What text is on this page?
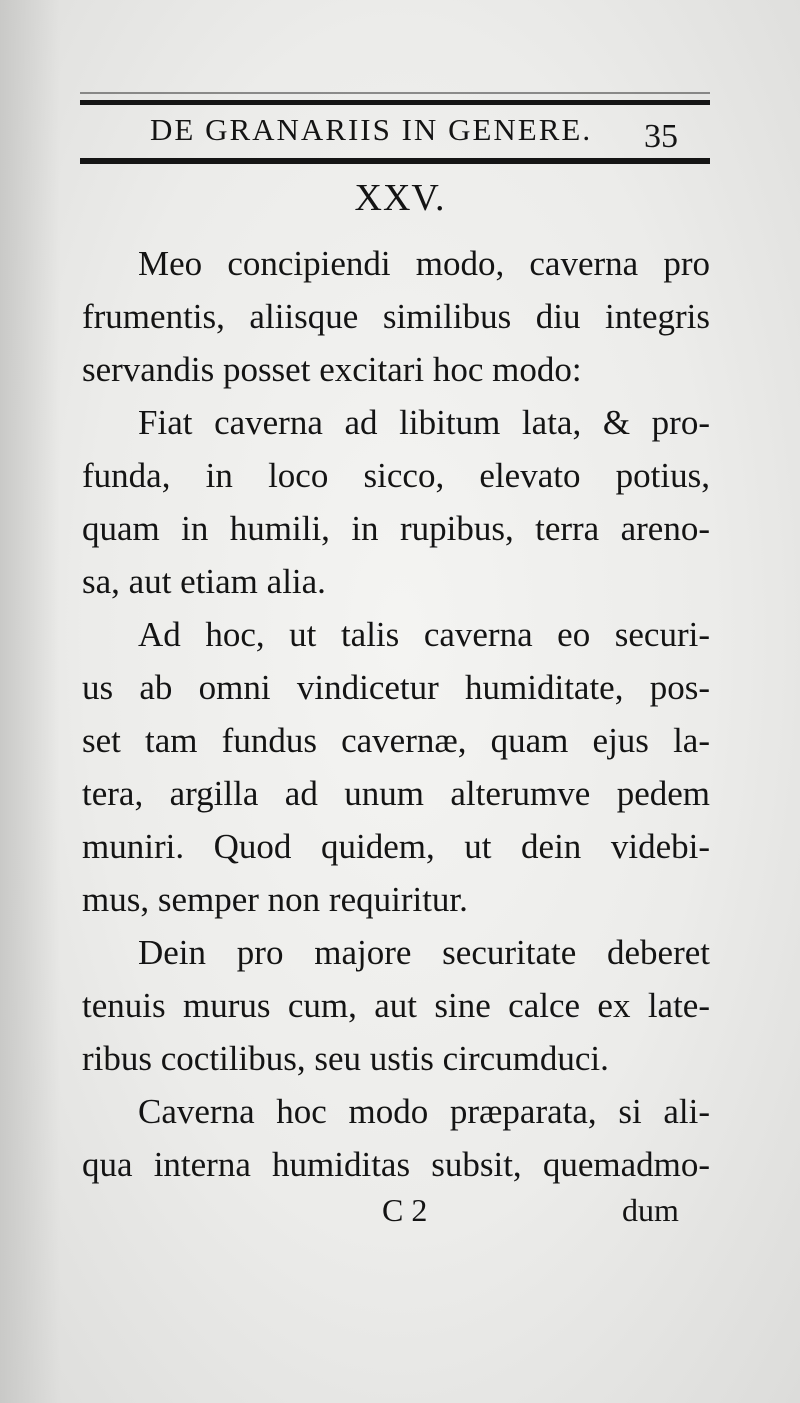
DE GRANARIIS IN GENERE. 35
XXV.
Meo concipiendi modo, caverna pro
frumentis, aliisque similibus diu integris
servandis posset excitari hoc modo:
Fiat caverna ad libitum lata, & pro-
funda, in loco sicco, elevato potius,
quam in humili, in rupibus, terra areno-
sa, aut etiam alia.
Ad hoc, ut talis caverna eo securi-
us ab omni vindicetur humiditate, pos-
set tam fundus cavernæ, quam ejus la-
tera, argilla ad unum alterumve pedem
muniri. Quod quidem, ut dein videbi-
mus, semper non requiritur.
Dein pro majore securitate deberet
tenuis murus cum, aut sine calce ex late-
ribus coctilibus, seu ustis circumduci.
Caverna hoc modo præparata, si ali-
qua interna humiditas subsit, quemadmo-
C 2	dum
